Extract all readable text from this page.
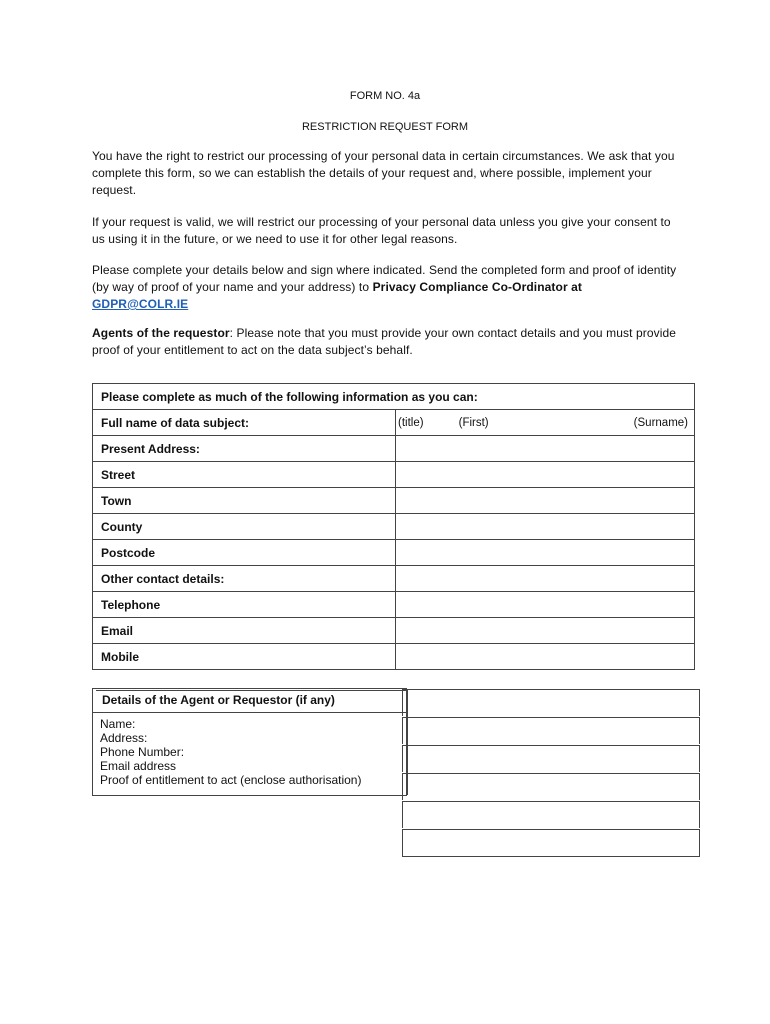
FORM NO. 4a
RESTRICTION REQUEST FORM

You have the right to restrict our processing of your personal data in certain circumstances. We ask that you complete this form, so we can establish the details of your request and, where possible, implement your request.

If your request is valid, we will restrict our processing of your personal data unless you give your consent to us using it in the future, or we need to use it for other legal reasons.

Please complete your details below and sign where indicated. Send the completed form and proof of identity (by way of proof of your name and your address) to Privacy Compliance Co-Ordinator at
GDPR@COLR.IE

Agents of the requestor: Please note that you must provide your own contact details and you must provide proof of your entitlement to act on the data subject’s behalf.

Please complete as much of the following information as you can:	
Full name of data subject:	(title) (First) (Surname)

Present Address:	
Street	
Town	
County	
Postcode	
Other contact details:	
Telephone	
Email	
Mobile	
Details of the Agent or Requestor (if any)
Name:
Address:
Phone Number:
Email address
Proof of entitlement to act (enclose authorisation)
